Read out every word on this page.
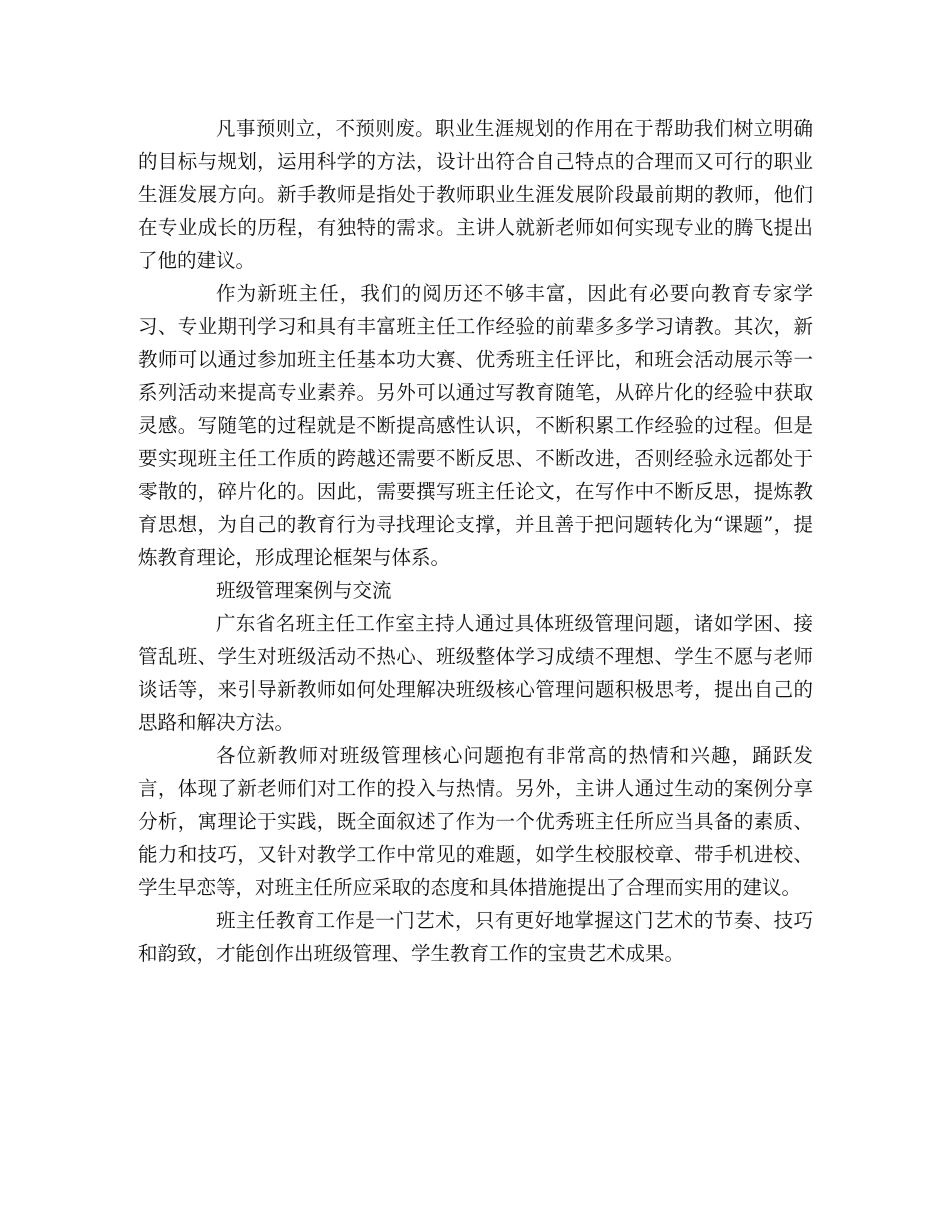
凡事预则立，不预则废。职业生涯规划的作用在于帮助我们树立明确的目标与规划，运用科学的方法，设计出符合自己特点的合理而又可行的职业生涯发展方向。新手教师是指处于教师职业生涯发展阶段最前期的教师，他们在专业成长的历程，有独特的需求。主讲人就新老师如何实现专业的腾飞提出了他的建议。

作为新班主任，我们的阅历还不够丰富，因此有必要向教育专家学习、专业期刊学习和具有丰富班主任工作经验的前辈多多学习请教。其次，新教师可以通过参加班主任基本功大赛、优秀班主任评比，和班会活动展示等一系列活动来提高专业素养。另外可以通过写教育随笔，从碎片化的经验中获取灵感。写随笔的过程就是不断提高感性认识，不断积累工作经验的过程。但是要实现班主任工作质的跨越还需要不断反思、不断改进，否则经验永远都处于零散的，碎片化的。因此，需要撰写班主任论文，在写作中不断反思，提炼教育思想，为自己的教育行为寻找理论支撑，并且善于把问题转化为“课题”，提炼教育理论，形成理论框架与体系。

班级管理案例与交流

广东省名班主任工作室主持人通过具体班级管理问题，诸如学困、接管乱班、学生对班级活动不热心、班级整体学习成绩不理想、学生不愿与老师谈话等，来引导新教师如何处理解决班级核心管理问题积极思考，提出自己的思路和解决方法。

各位新教师对班级管理核心问题抱有非常高的热情和兴趣，踊跃发言，体现了新老师们对工作的投入与热情。另外，主讲人通过生动的案例分享分析，寓理论于实践，既全面叙述了作为一个优秀班主任所应当具备的素质、能力和技巧，又针对教学工作中常见的难题，如学生校服校章、带手机进校、学生早恋等，对班主任所应采取的态度和具体措施提出了合理而实用的建议。

班主任教育工作是一门艺术，只有更好地掌握这门艺术的节奏、技巧和韵致，才能创作出班级管理、学生教育工作的宝贵艺术成果。
